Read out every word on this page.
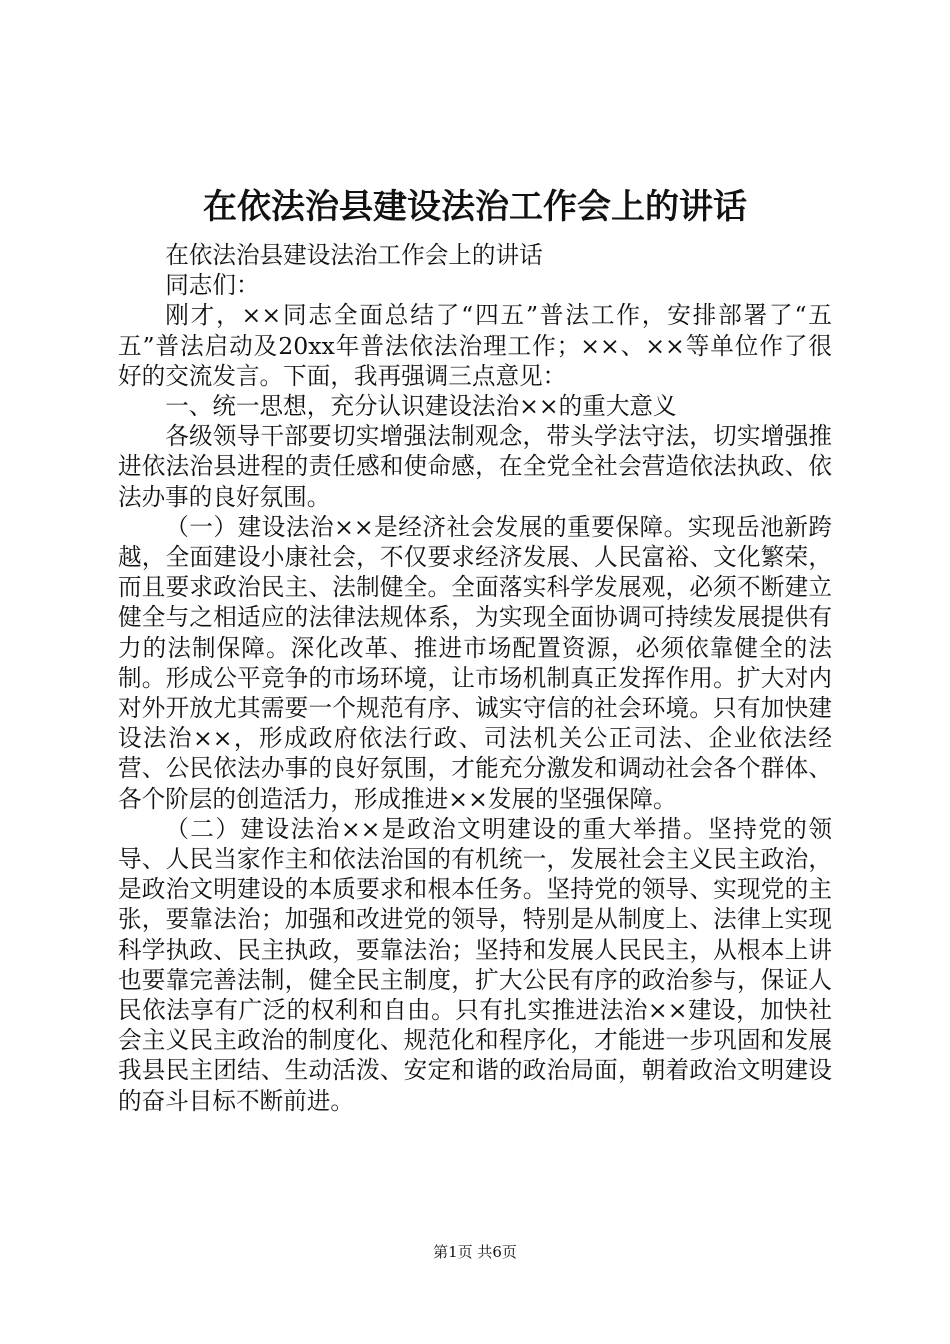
在依法治县建设法治工作会上的讲话

在依法治县建设法治工作会上的讲话

同志们：

刚才，××同志全面总结了“四五”普法工作，安排部署了“五五”普法启动及20xx年普法依法治理工作；××、××等单位作了很好的交流发言。下面，我再强调三点意见：

一、统一思想，充分认识建设法治××的重大意义

各级领导干部要切实增强法制观念，带头学法守法，切实增强推进依法治县进程的责任感和使命感，在全党全社会营造依法执政、依法办事的良好氛围。

（一）建设法治××是经济社会发展的重要保障。实现岳池新跨越，全面建设小康社会，不仅要求经济发展、人民富裕、文化繁荣，而且要求政治民主、法制健全。全面落实科学发展观，必须不断建立健全与之相适应的法律法规体系，为实现全面协调可持续发展提供有力的法制保障。深化改革、推进市场配置资源，必须依靠健全的法制。形成公平竞争的市场环境，让市场机制真正发挥作用。扩大对内对外开放尤其需要一个规范有序、诚实守信的社会环境。只有加快建设法治××，形成政府依法行政、司法机关公正司法、企业依法经营、公民依法办事的良好氛围，才能充分激发和调动社会各个群体、各个阶层的创造活力，形成推进××发展的坚强保障。

（二）建设法治××是政治文明建设的重大举措。坚持党的领导、人民当家作主和依法治国的有机统一，发展社会主义民主政治，是政治文明建设的本质要求和根本任务。坚持党的领导、实现党的主张，要靠法治；加强和改进党的领导，特别是从制度上、法律上实现科学执政、民主执政，要靠法治；坚持和发展人民民主，从根本上讲也要靠完善法制，健全民主制度，扩大公民有序的政治参与，保证人民依法享有广泛的权利和自由。只有扎实推进法治××建设，加快社会主义民主政治的制度化、规范化和程序化，才能进一步巩固和发展我县民主团结、生动活泼、安定和谐的政治局面，朝着政治文明建设的奋斗目标不断前进。

第1页 共6页
